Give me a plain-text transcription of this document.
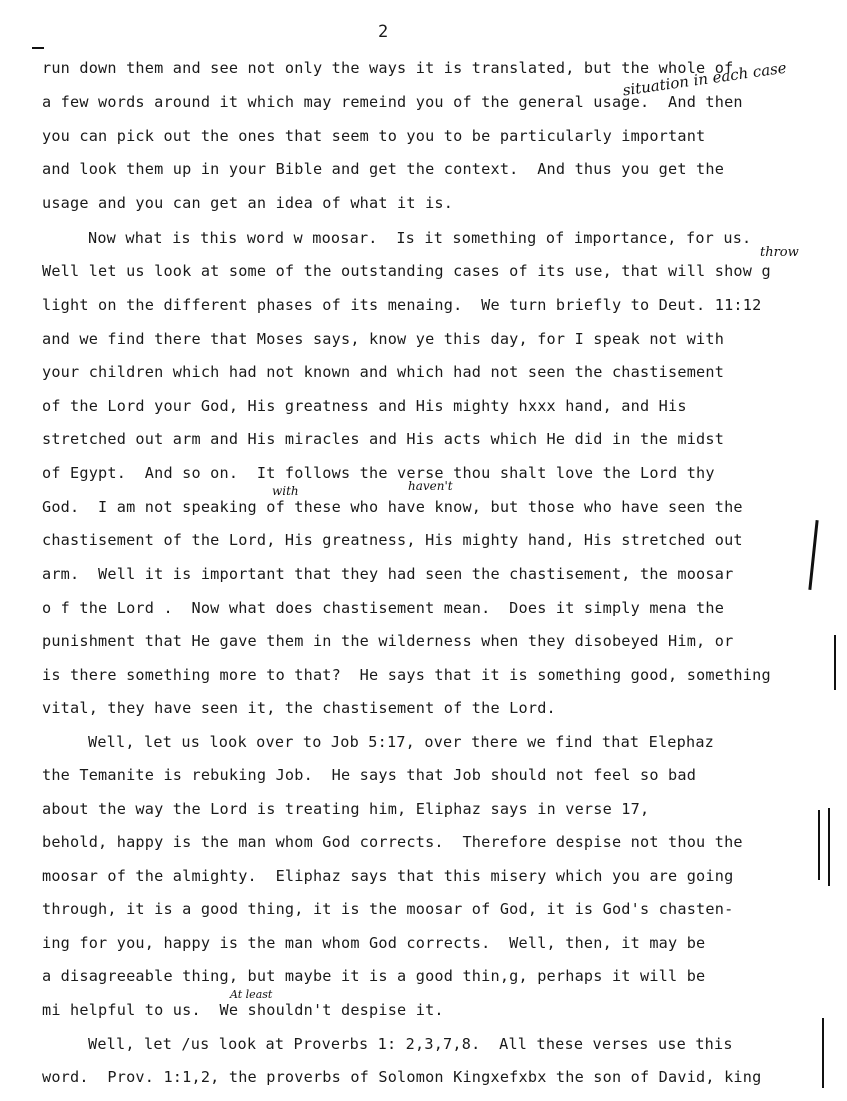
2
run down them and see not only the ways it is translated, but the whole of
a few words around it which may remeind you of the general usage.  And then
you can pick out the ones that seem to you to be particularly important
and look them up in your Bible and get the context.  And thus you get the
usage and you can get an idea of what it is.
Now what is this word w moosar.  Is it something of importance, for us.
Well let us look at some of the outstanding cases of its use, that will show g
light on the different phases of its menaing.  We turn briefly to Deut. 11:12
and we find there that Moses says, know ye this day, for I speak not with
your children which had not known and which had not seen the chastisement
of the Lord your God, His greatness and His mighty hxxx hand, and His
stretched out arm and His miracles and His acts which He did in the midst
of Egypt.  And so on.  It follows the verse thou shalt love the Lord thy
God.  I am not speaking of these who have know, but those who have seen the
chastisement of the Lord, His greatness, His mighty hand, His stretched out
arm.  Well it is important that they had seen the chastisement, the moosar
o f the Lord .  Now what does chastisement mean.  Does it simply mena the
punishment that He gave them in the wilderness when they disobeyed Him, or
is there something more to that?  He says that it is something good, something
vital, they have seen it, the chastisement of the Lord.
Well, let us look over to Job 5:17, over there we find that Elephaz
the Temanite is rebuking Job.  He says that Job should not feel so bad
about the way the Lord is treating him, Eliphaz says in verse 17,
behold, happy is the man whom God corrects.  Therefore despise not thou the
moosar of the almighty.  Eliphaz says that this misery which you are going
through, it is a good thing, it is the moosar of God, it is God's chasten-
ing for you, happy is the man whom God corrects.  Well, then, it may be
a disagreeable thing, but maybe it is a good thin,g, perhaps it will be
mi helpful to us.  We shouldn't despise it.
Well, let /us look at Proverbs 1: 2,3,7,8.  All these verses use this
word.  Prov. 1:1,2, the proverbs of Solomon Kingxefxbx the son of David, king
situation in each case
throw
haven't
with
At least
